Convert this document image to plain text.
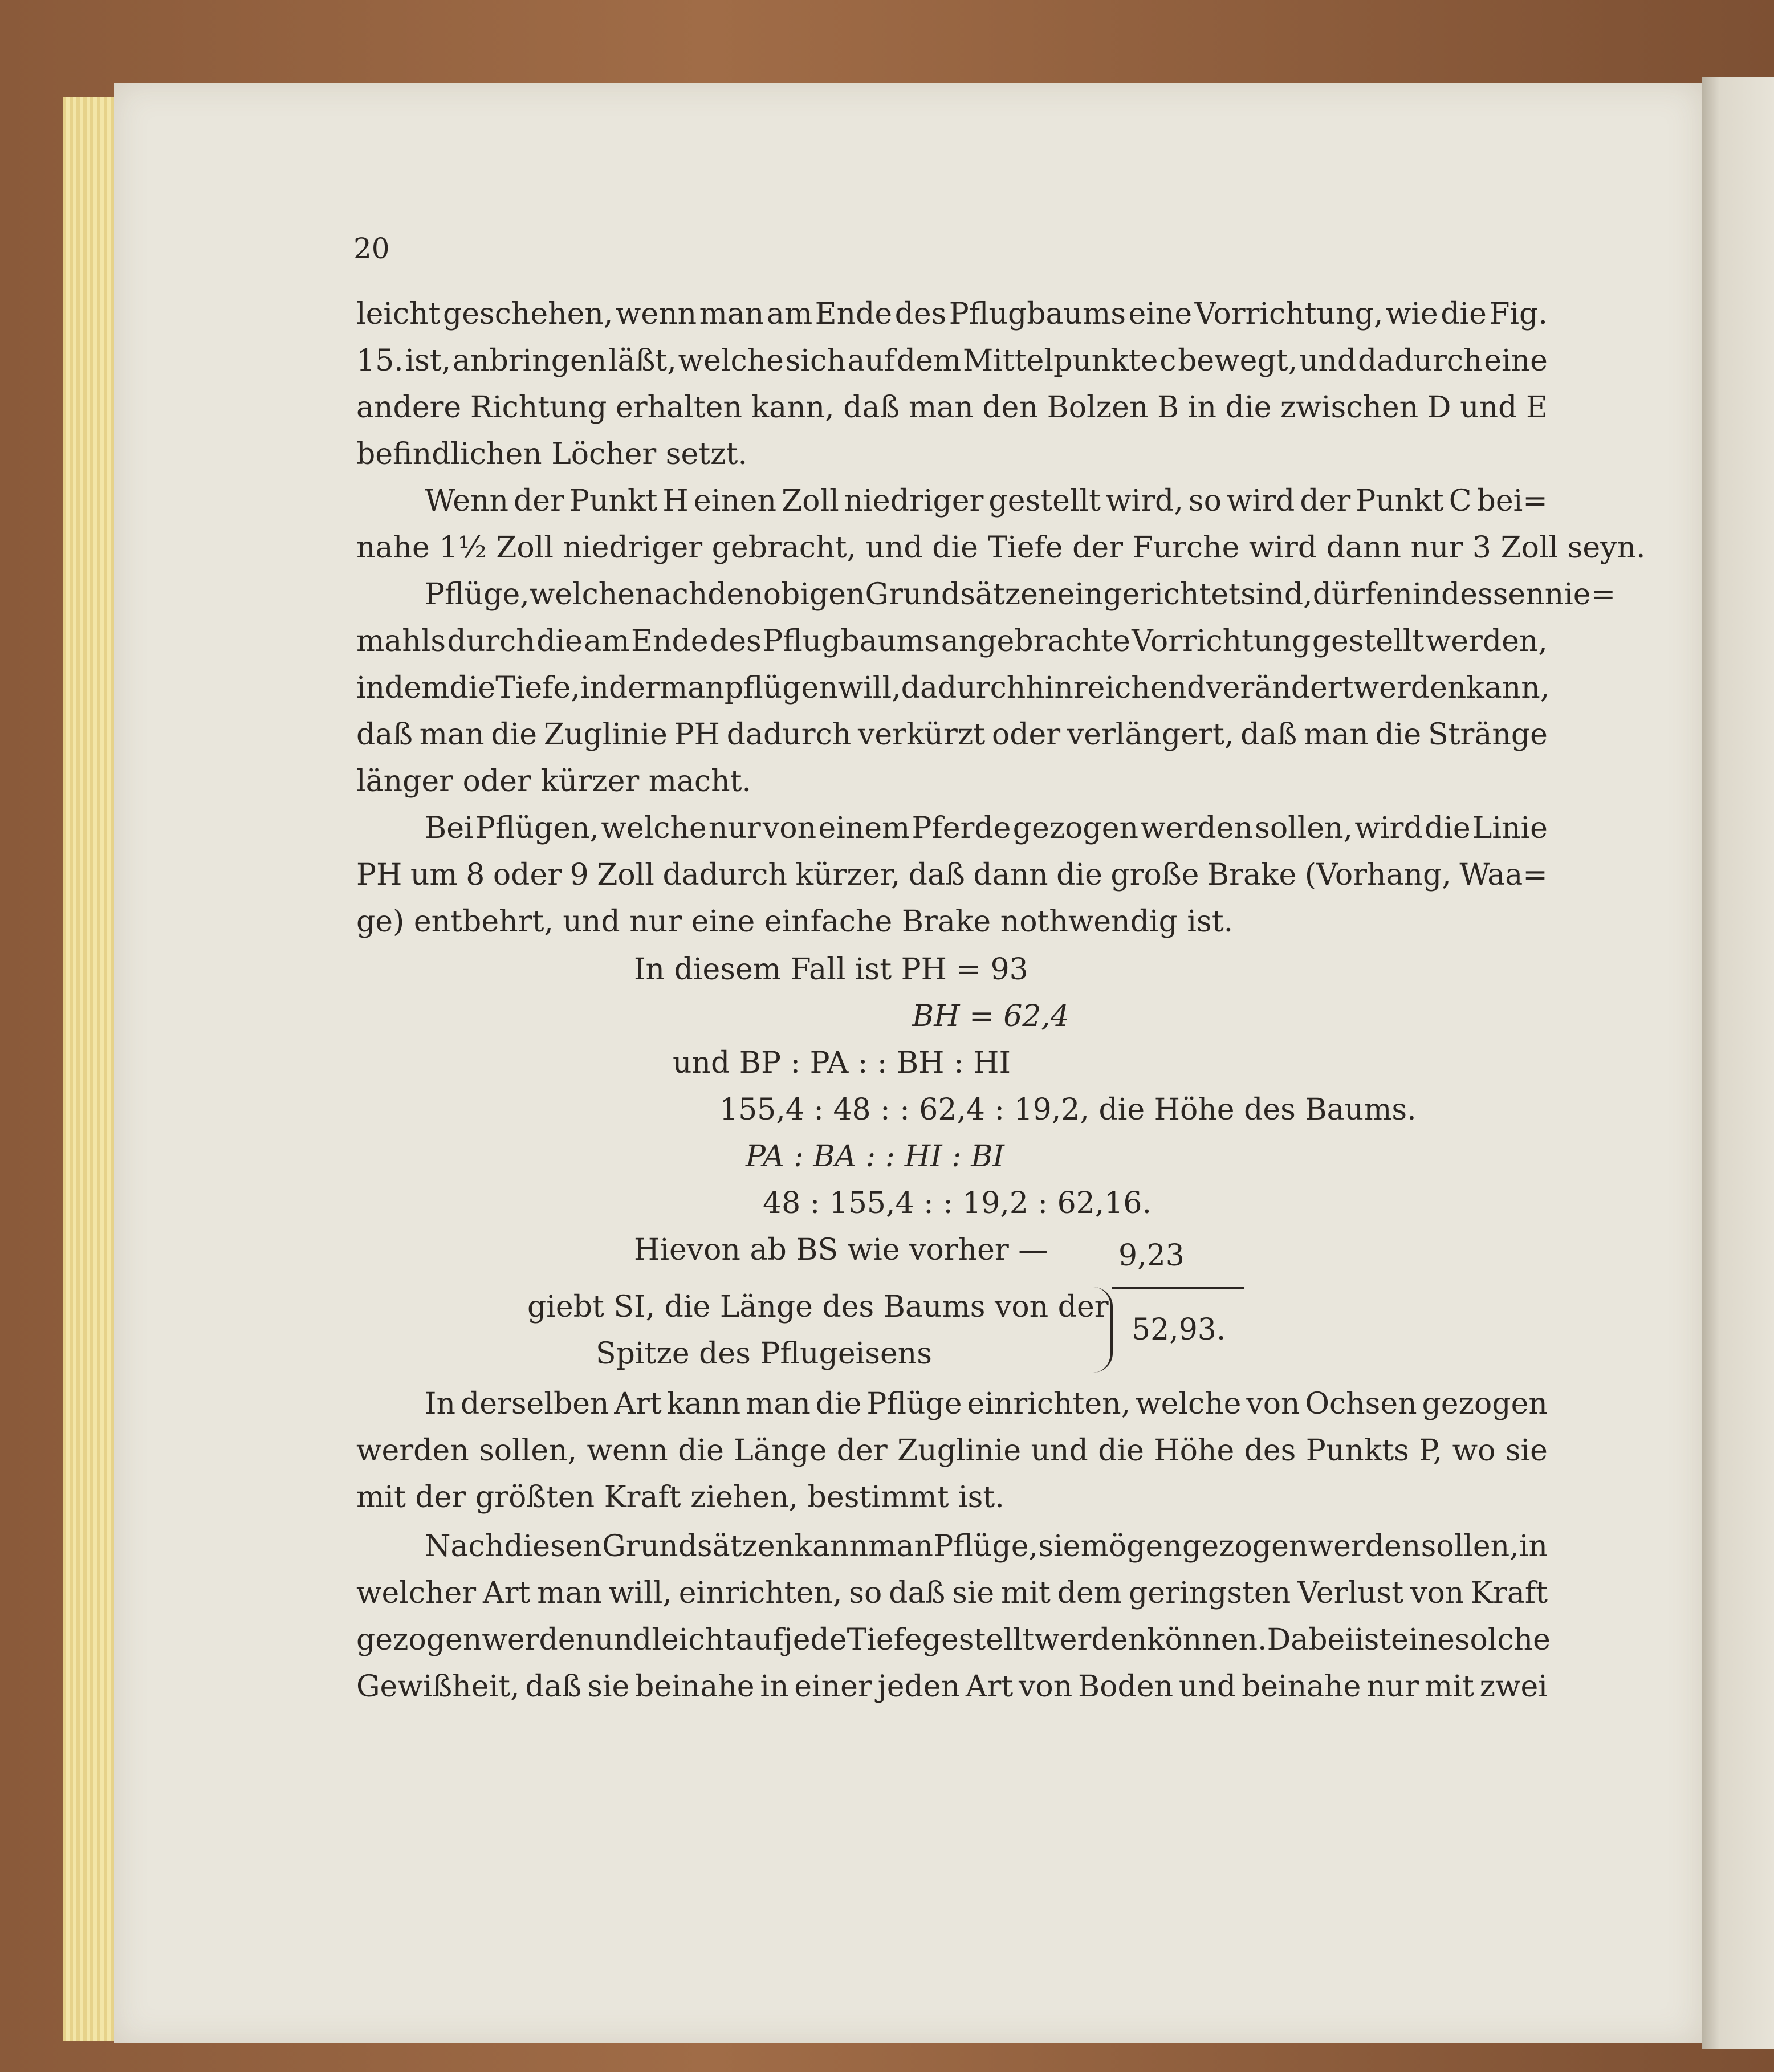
20
leicht geschehen, wenn man am Ende des Pflugbaums eine Vorrichtung, wie die Fig.
15. ist, anbringen läßt, welche sich auf dem Mittelpunkte c bewegt, und dadurch eine
andere Richtung erhalten kann, daß man den Bolzen B in die zwischen D und E
befindlichen Löcher setzt.
Wenn der Punkt H einen Zoll niedriger gestellt wird, so wird der Punkt C bei=
nahe 1½ Zoll niedriger gebracht, und die Tiefe der Furche wird dann nur 3 Zoll seyn.
Pflüge, welche nach den obigen Grundsätzen eingerichtet sind, dürfen indessen nie=
mahls durch die am Ende des Pflugbaums angebrachte Vorrichtung gestellt werden,
indem die Tiefe, in der man pflügen will, dadurch hinreichend verändert werden kann,
daß man die Zuglinie PH dadurch verkürzt oder verlängert, daß man die Stränge
länger oder kürzer macht.
Bei Pflügen, welche nur von einem Pferde gezogen werden sollen, wird die Linie
PH um 8 oder 9 Zoll dadurch kürzer, daß dann die große Brake (Vorhang, Waa=
ge) entbehrt, und nur eine einfache Brake nothwendig ist.
In diesem Fall ist PH = 93
BH = 62,4
und BP : PA : : BH : HI
155,4 : 48 : : 62,4 : 19,2, die Höhe des Baums.
PA : BA : : HI : BI
48 : 155,4 : : 19,2 : 62,16.
Hievon ab BS wie vorher — 9,23
giebt SI, die Länge des Baums von der
Spitze des Pflugeisens
52,93.
In derselben Art kann man die Pflüge einrichten, welche von Ochsen gezogen
werden sollen, wenn die Länge der Zuglinie und die Höhe des Punkts P, wo sie
mit der größten Kraft ziehen, bestimmt ist.
Nach diesen Grundsätzen kann man Pflüge, sie mögen gezogen werden sollen, in
welcher Art man will, einrichten, so daß sie mit dem geringsten Verlust von Kraft
gezogen werden und leicht auf jede Tiefe gestellt werden können. Dabei ist eine solche
Gewißheit, daß sie beinahe in einer jeden Art von Boden und beinahe nur mit zwei
